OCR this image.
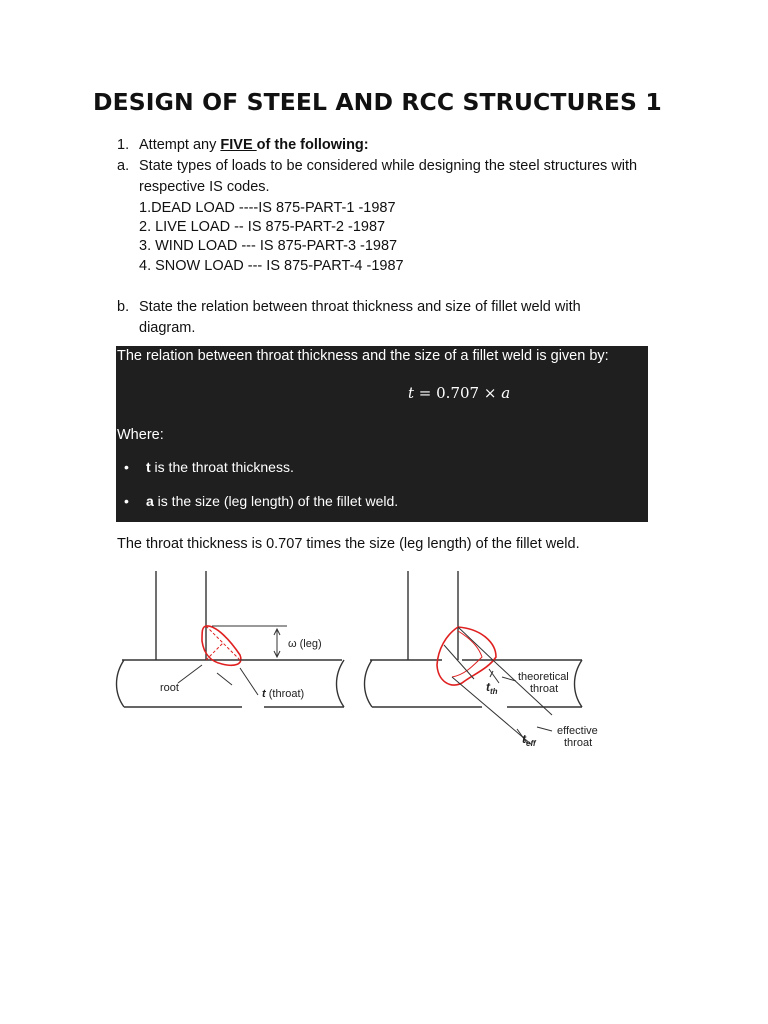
DESIGN OF STEEL AND RCC STRUCTURES 1
1. Attempt any FIVE of the following:
a. State types of loads to be considered while designing the steel structures with
respective IS codes.
1.DEAD LOAD ----IS 875-PART-1 -1987
2. LIVE LOAD -- IS 875-PART-2 -1987
3. WIND LOAD --- IS 875-PART-3 -1987
4. SNOW LOAD --- IS 875-PART-4 -1987
b. State the relation between throat thickness and size of fillet weld with
diagram.
The relation between throat thickness and the size of a fillet weld is given by:
t = 0.707 × a
Where:
• t is the throat thickness.
• a is the size (leg length) of the fillet weld.
The throat thickness is 0.707 times the size (leg length) of the fillet weld.
ω (leg)
root	t (throat)
theoretical
throat
$t_{th}$
effective
throat
$t_{eff}$
